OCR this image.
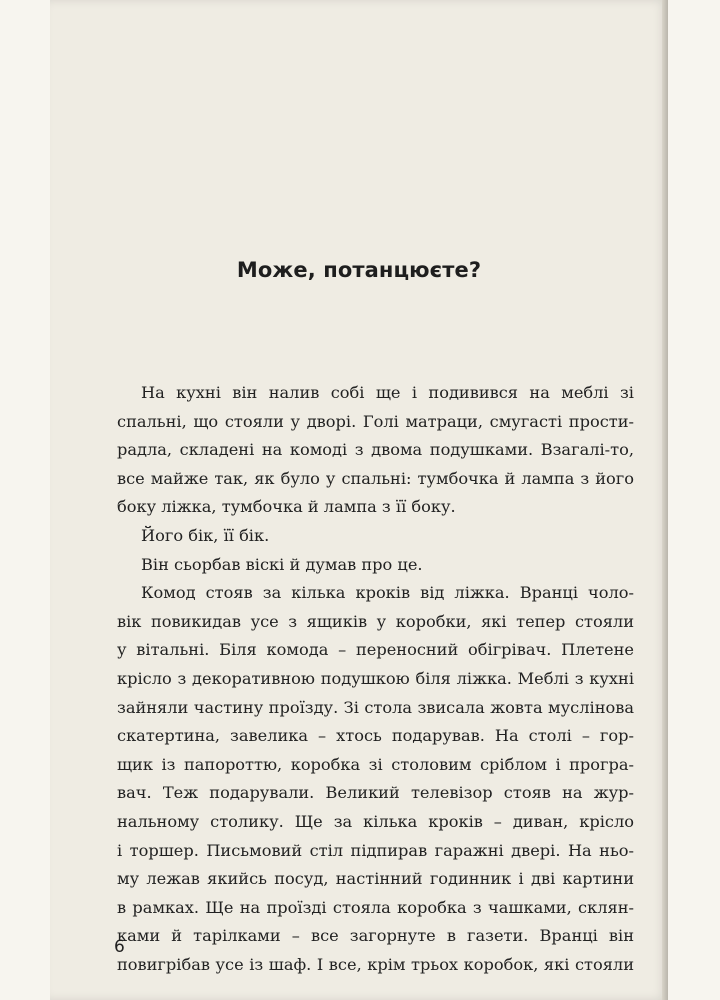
Може, потанцюєте?
На кухні він налив собі ще і подивився на меблі зі
спальні, що стояли у дворі. Голі матраци, смугасті прости-
радла, складені на комоді з двома подушками. Взагалі-то,
все майже так, як було у спальні: тумбочка й лампа з його
боку ліжка, тумбочка й лампа з її боку.
Його бік, її бік.
Він сьорбав віскі й думав про це.
Комод стояв за кілька кроків від ліжка. Вранці чоло-
вік повикидав усе з ящиків у коробки, які тепер стояли
у вітальні. Біля комода – переносний обігрівач. Плетене
крісло з декоративною подушкою біля ліжка. Меблі з кухні
зайняли частину проїзду. Зі стола звисала жовта муслінова
скатертина, завелика – хтось подарував. На столі – гор-
щик із папороттю, коробка зі столовим сріблом і програ-
вач. Теж подарували. Великий телевізор стояв на жур-
нальному столику. Ще за кілька кроків – диван, крісло
і торшер. Письмовий стіл підпирав гаражні двері. На ньо-
му лежав якийсь посуд, настінний годинник і дві картини
в рамках. Ще на проїзді стояла коробка з чашками, склян-
ками й тарілками – все загорнуте в газети. Вранці він
повигрібав усе із шаф. І все, крім трьох коробок, які стояли
6
